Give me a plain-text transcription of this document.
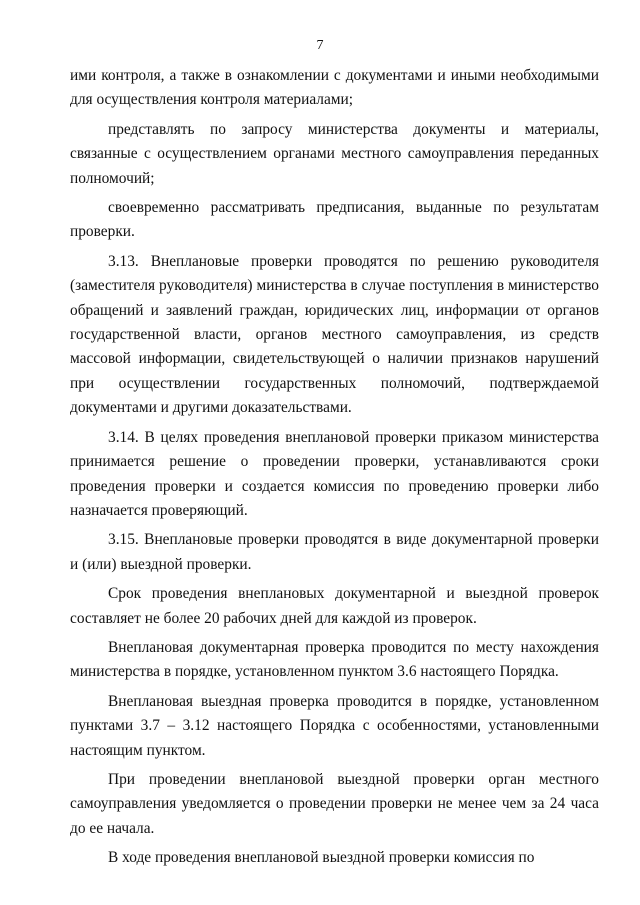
7

ими контроля, а также в ознакомлении с документами и иными необходимыми для осуществления контроля материалами;

представлять по запросу министерства документы и материалы, связанные с осуществлением органами местного самоуправления переданных полномочий;

своевременно рассматривать предписания, выданные по результатам проверки.

3.13. Внеплановые проверки проводятся по решению руководителя (заместителя руководителя) министерства в случае поступления в министерство обращений и заявлений граждан, юридических лиц, информации от органов государственной власти, органов местного самоуправления, из средств массовой информации, свидетельствующей о наличии признаков нарушений при осуществлении государственных полномочий, подтверждаемой документами и другими доказательствами.

3.14. В целях проведения внеплановой проверки приказом министерства принимается решение о проведении проверки, устанавливаются сроки проведения проверки и создается комиссия по проведению проверки либо назначается проверяющий.

3.15. Внеплановые проверки проводятся в виде документарной проверки и (или) выездной проверки.

Срок проведения внеплановых документарной и выездной проверок составляет не более 20 рабочих дней для каждой из проверок.

Внеплановая документарная проверка проводится по месту нахождения министерства в порядке, установленном пунктом 3.6 настоящего Порядка.

Внеплановая выездная проверка проводится в порядке, установленном пунктами 3.7 – 3.12 настоящего Порядка с особенностями, установленными настоящим пунктом.

При проведении внеплановой выездной проверки орган местного самоуправления уведомляется о проведении проверки не менее чем за 24 часа до ее начала.

В ходе проведения внеплановой выездной проверки комиссия по
